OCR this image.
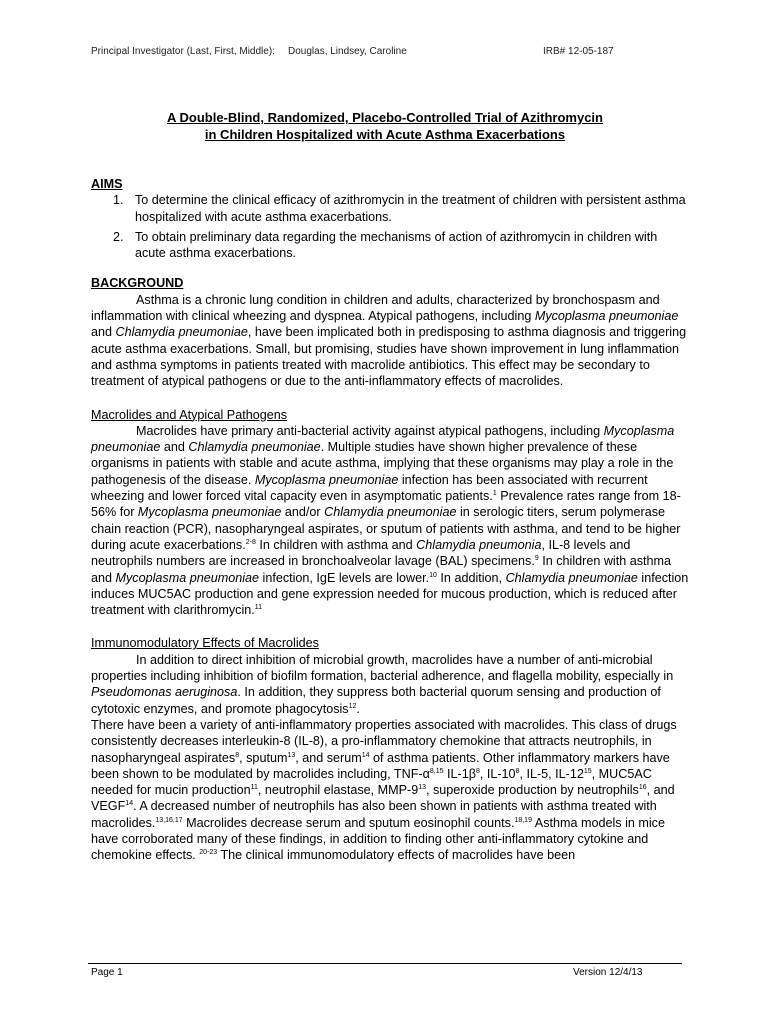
Principal Investigator (Last, First, Middle): Douglas, Lindsey, Caroline	IRB# 12-05-187
A Double-Blind, Randomized, Placebo-Controlled Trial of Azithromycin
in Children Hospitalized with Acute Asthma Exacerbations
AIMS
1. To determine the clinical efficacy of azithromycin in the treatment of children with persistent asthma hospitalized with acute asthma exacerbations.
2. To obtain preliminary data regarding the mechanisms of action of azithromycin in children with acute asthma exacerbations.
BACKGROUND

Asthma is a chronic lung condition in children and adults, characterized by bronchospasm and inflammation with clinical wheezing and dyspnea. Atypical pathogens, including Mycoplasma pneumoniae and Chlamydia pneumoniae, have been implicated both in predisposing to asthma diagnosis and triggering acute asthma exacerbations. Small, but promising, studies have shown improvement in lung inflammation and asthma symptoms in patients treated with macrolide antibiotics. This effect may be secondary to treatment of atypical pathogens or due to the anti-inflammatory effects of macrolides.

Macrolides and Atypical Pathogens

Macrolides have primary anti-bacterial activity against atypical pathogens, including Mycoplasma pneumoniae and Chlamydia pneumoniae. Multiple studies have shown higher prevalence of these organisms in patients with stable and acute asthma, implying that these organisms may play a role in the pathogenesis of the disease. Mycoplasma pneumoniae infection has been associated with recurrent wheezing and lower forced vital capacity even in asymptomatic patients.$^1$ Prevalence rates range from 18-56% for Mycoplasma pneumoniae and/or Chlamydia pneumoniae in serologic titers, serum polymerase chain reaction (PCR), nasopharyngeal aspirates, or sputum of patients with asthma, and tend to be higher during acute exacerbations.$^{2-8}$ In children with asthma and Chlamydia pneumonia, IL-8 levels and neutrophils numbers are increased in bronchoalveolar lavage (BAL) specimens.$^9$ In children with asthma and Mycoplasma pneumoniae infection, IgE levels are lower.$^{10}$ In addition, Chlamydia pneumoniae infection induces MUC5AC production and gene expression needed for mucous production, which is reduced after treatment with clarithromycin.$^{11}$

Immunomodulatory Effects of Macrolides

In addition to direct inhibition of microbial growth, macrolides have a number of anti-microbial properties including inhibition of biofilm formation, bacterial adherence, and flagella mobility, especially in Pseudomonas aeruginosa. In addition, they suppress both bacterial quorum sensing and production of cytotoxic enzymes, and promote phagocytosis$^{12}$.

There have been a variety of anti-inflammatory properties associated with macrolides. This class of drugs consistently decreases interleukin-8 (IL-8), a pro-inflammatory chemokine that attracts neutrophils, in nasopharyngeal aspirates$^8$, sputum$^{13}$, and serum$^{14}$ of asthma patients. Other inflammatory markers have been shown to be modulated by macrolides including, TNF-$\alpha^{8,15}$ $IL-1\beta^8$, $IL-10^8$, IL-5, $IL-12^{15}$, MUC5AC needed for mucin production$^{11}$, neutrophil elastase, MMP-$9^{13}$, superoxide production by neutrophils$^{16}$, and VEGF$^{14}$. A decreased number of neutrophils has also been shown in patients with asthma treated with macrolides.$^{13,16,17}$ Macrolides decrease serum and sputum eosinophil counts.$^{18,19}$ Asthma models in mice have corroborated many of these findings, in addition to finding other anti-inflammatory cytokine and chemokine effects. $^{20-23}$ The clinical immunomodulatory effects of macrolides have been

Page 1	Version 12/4/13
